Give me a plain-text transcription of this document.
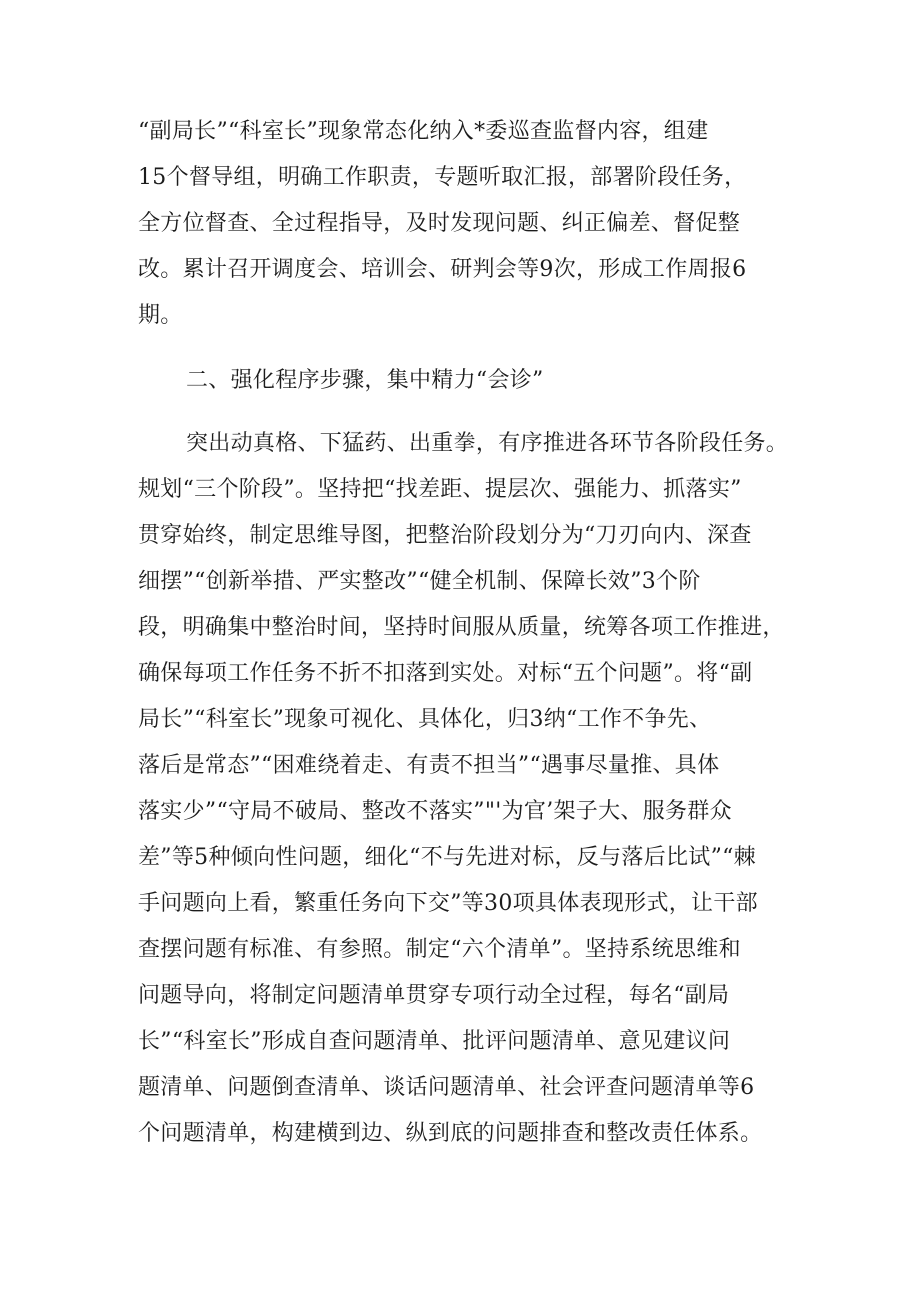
“副局长”“科室长”现象常态化纳入*委巡查监督内容，组建
15个督导组，明确工作职责，专题听取汇报，部署阶段任务，
全方位督查、全过程指导，及时发现问题、纠正偏差、督促整
改。累计召开调度会、培训会、研判会等9次，形成工作周报6
期。
二、强化程序步骤，集中精力“会诊”
突出动真格、下猛药、出重拳，有序推进各环节各阶段任务。
规划“三个阶段”。坚持把“找差距、提层次、强能力、抓落实”
贯穿始终，制定思维导图，把整治阶段划分为“刀刃向内、深查
细摆”“创新举措、严实整改”“健全机制、保障长效”3个阶
段，明确集中整治时间，坚持时间服从质量，统筹各项工作推进，
确保每项工作任务不折不扣落到实处。对标“五个问题”。将“副
局长”“科室长”现象可视化、具体化，归3纳“工作不争先、
落后是常态”“困难绕着走、有责不担当”“遇事尽量推、具体
落实少”“守局不破局、整改不落实”"'为官’架子大、服务群众
差”等5种倾向性问题，细化“不与先进对标，反与落后比试”“棘
手问题向上看，繁重任务向下交”等30项具体表现形式，让干部
查摆问题有标准、有参照。制定“六个清单”。坚持系统思维和
问题导向，将制定问题清单贯穿专项行动全过程，每名“副局
长”“科室长”形成自查问题清单、批评问题清单、意见建议问
题清单、问题倒查清单、谈话问题清单、社会评查问题清单等6
个问题清单，构建横到边、纵到底的问题排查和整改责任体系。
